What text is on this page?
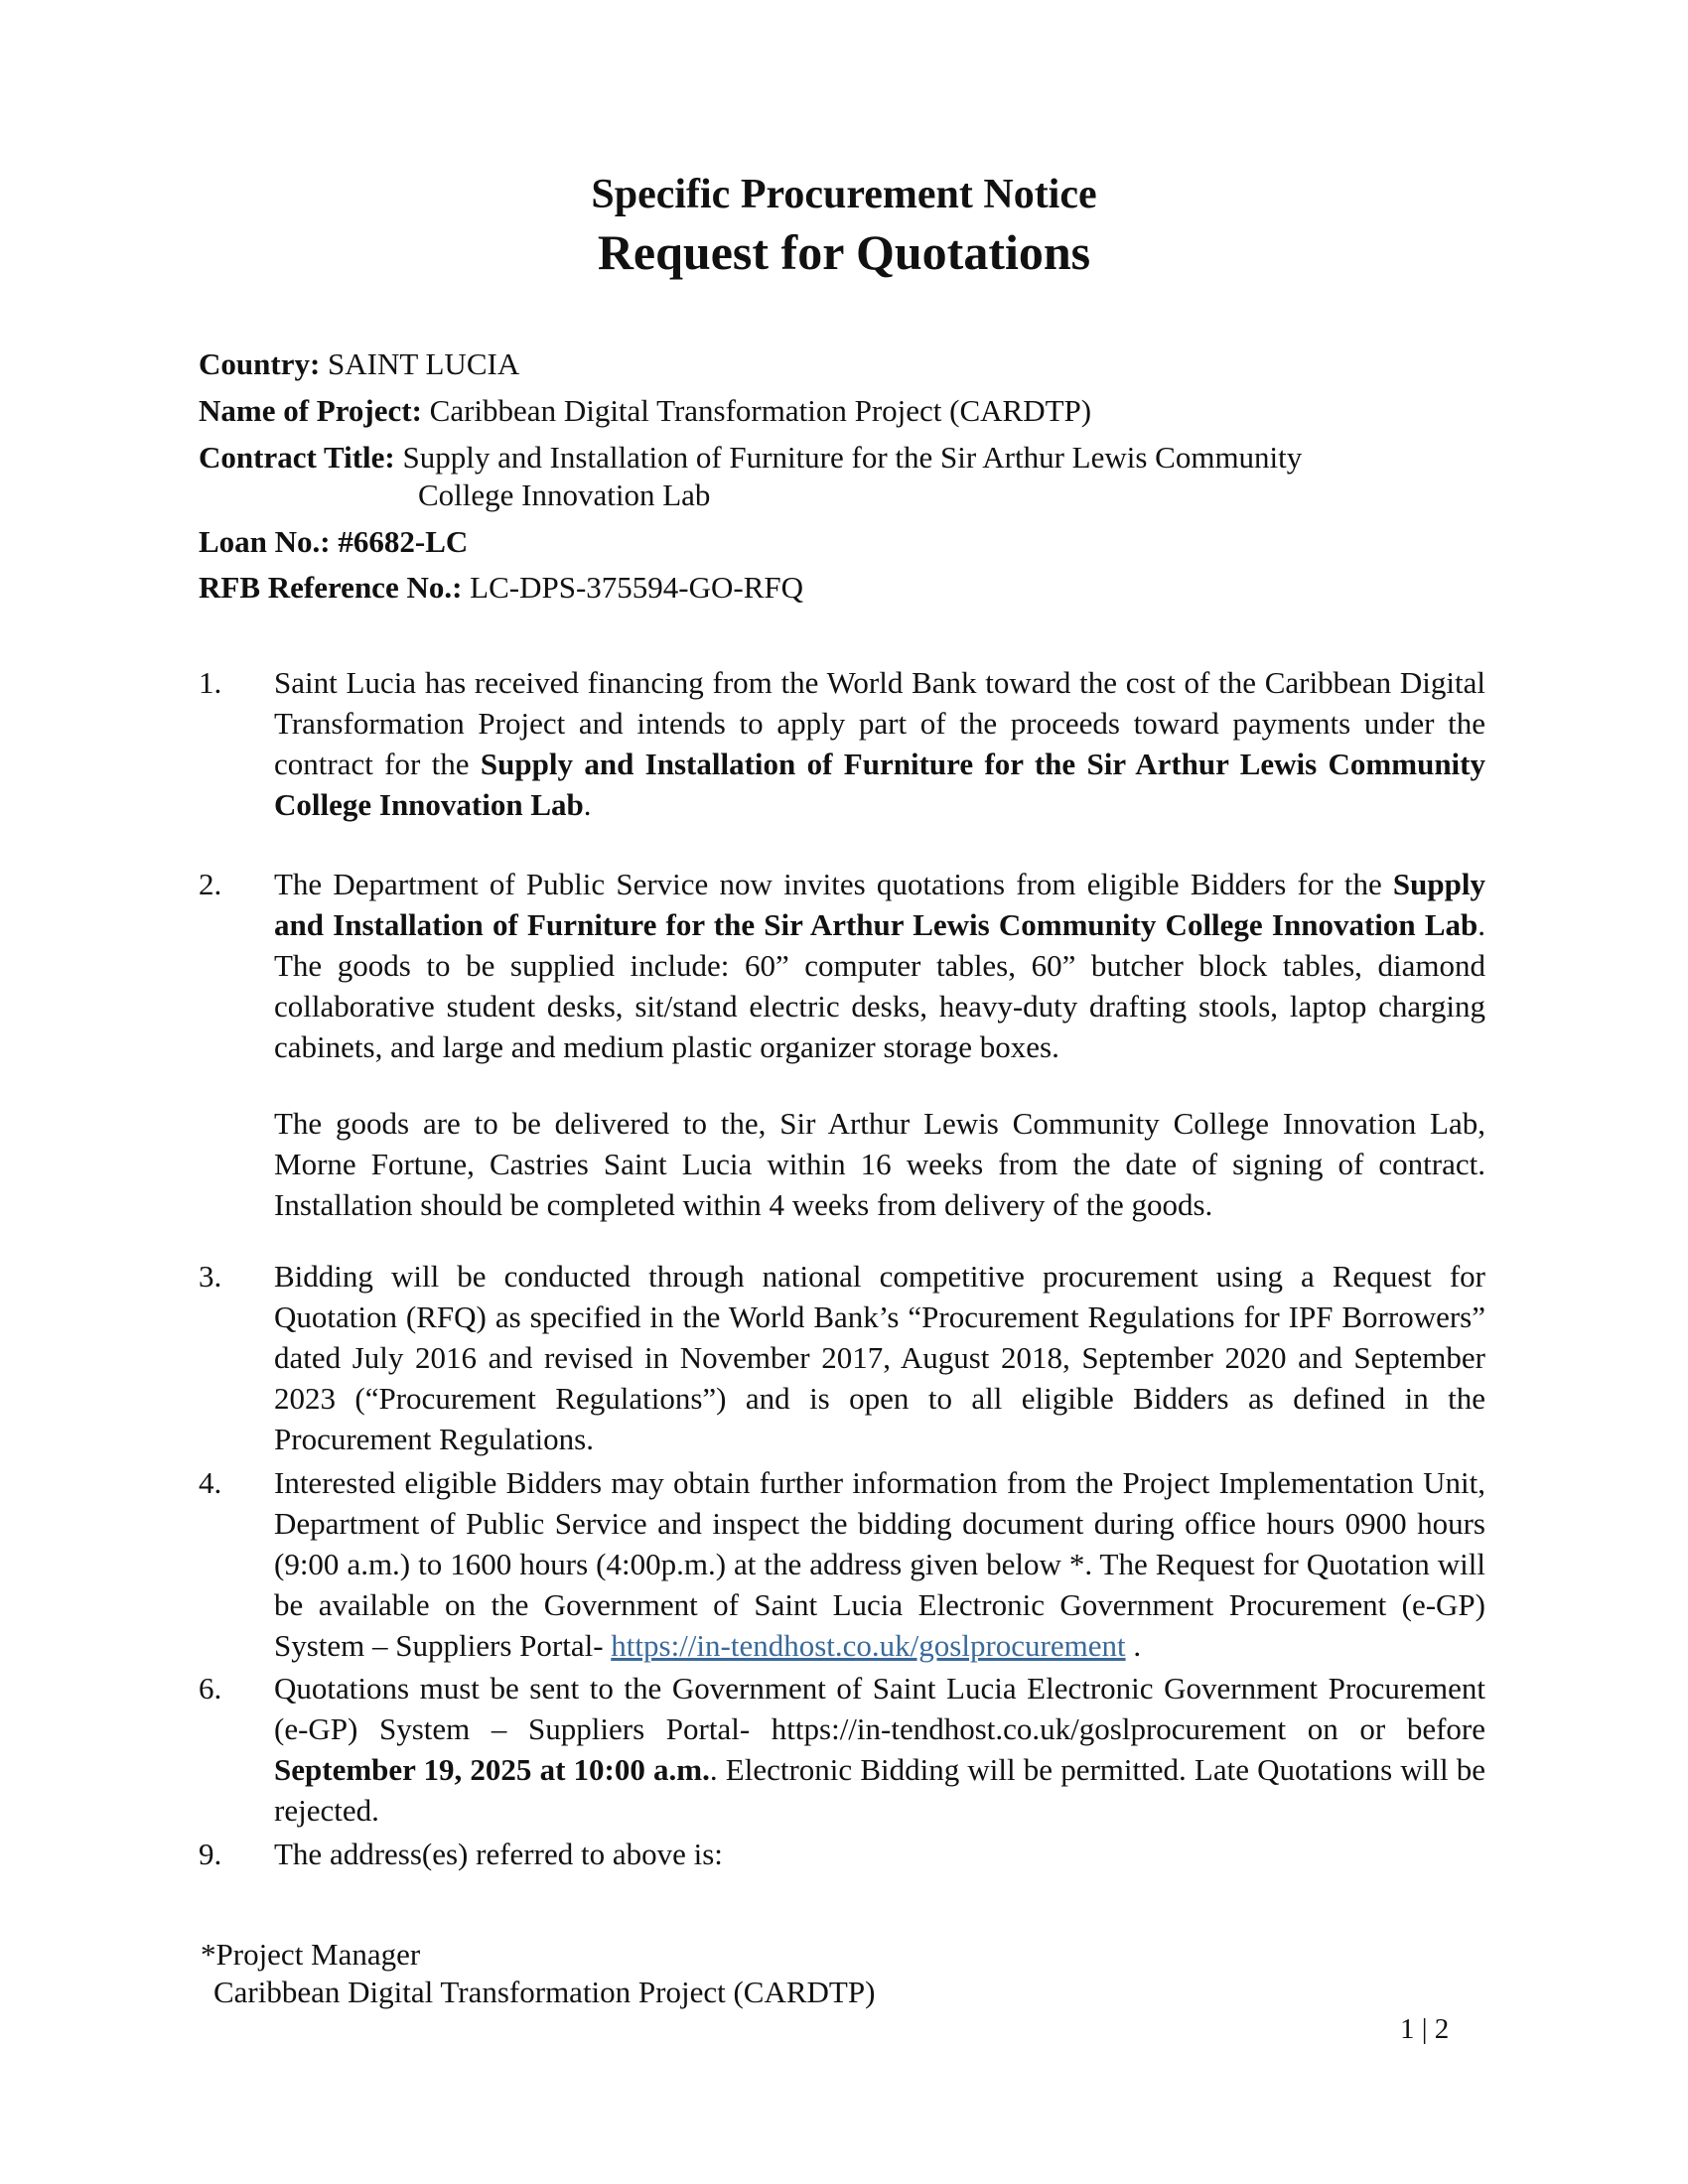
Specific Procurement Notice
Request for Quotations
Country: SAINT LUCIA
Name of Project: Caribbean Digital Transformation Project (CARDTP)
Contract Title: Supply and Installation of Furniture for the Sir Arthur Lewis Community
College Innovation Lab
Loan No.: #6682-LC
RFB Reference No.: LC-DPS-375594-GO-RFQ
1. Saint Lucia has received financing from the World Bank toward the cost of the Caribbean Digital Transformation Project and intends to apply part of the proceeds toward payments under the contract for the Supply and Installation of Furniture for the Sir Arthur Lewis Community College Innovation Lab.
2. The Department of Public Service now invites quotations from eligible Bidders for the Supply and Installation of Furniture for the Sir Arthur Lewis Community College Innovation Lab. The goods to be supplied include: 60” computer tables, 60” butcher block tables, diamond collaborative student desks, sit/stand electric desks, heavy-duty drafting stools, laptop charging cabinets, and large and medium plastic organizer storage boxes.
The goods are to be delivered to the, Sir Arthur Lewis Community College Innovation Lab, Morne Fortune, Castries Saint Lucia within 16 weeks from the date of signing of contract. Installation should be completed within 4 weeks from delivery of the goods.
3. Bidding will be conducted through national competitive procurement using a Request for Quotation (RFQ) as specified in the World Bank’s “Procurement Regulations for IPF Borrowers” dated July 2016 and revised in November 2017, August 2018, September 2020 and September 2023 (“Procurement Regulations”) and is open to all eligible Bidders as defined in the Procurement Regulations.
4. Interested eligible Bidders may obtain further information from the Project Implementation Unit, Department of Public Service and inspect the bidding document during office hours 0900 hours (9:00 a.m.) to 1600 hours (4:00p.m.) at the address given below *. The Request for Quotation will be available on the Government of Saint Lucia Electronic Government Procurement (e-GP) System – Suppliers Portal- https://in-tendhost.co.uk/goslprocurement .
6. Quotations must be sent to the Government of Saint Lucia Electronic Government Procurement (e-GP) System – Suppliers Portal- https://in-tendhost.co.uk/goslprocurement on or before September 19, 2025 at 10:00 a.m.. Electronic Bidding will be permitted. Late Quotations will be rejected.
9. The address(es) referred to above is:
*Project Manager
Caribbean Digital Transformation Project (CARDTP)
1 | 2
